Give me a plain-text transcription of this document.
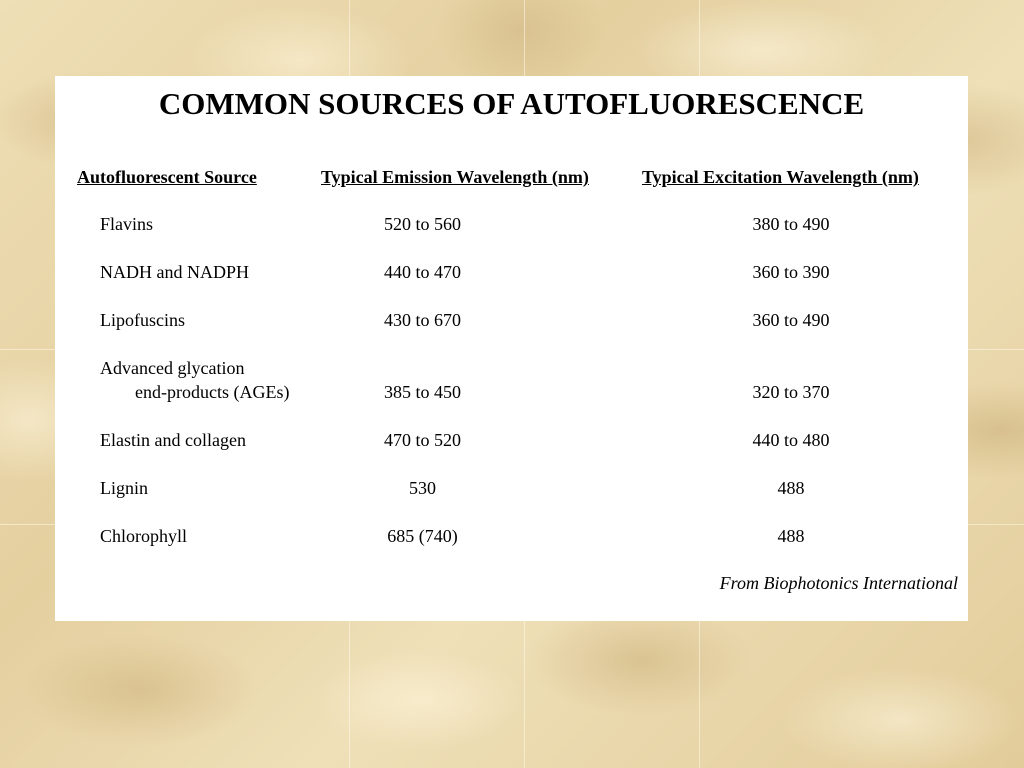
COMMON SOURCES OF AUTOFLUORESCENCE
Autofluorescent Source	Typical Emission Wavelength (nm)	Typical Excitation Wavelength (nm)
Flavins	520 to 560	380 to 490
NADH and NADPH	440 to 470	360 to 390
Lipofuscins	430 to 670	360 to 490
Advanced glycation
end-products (AGEs)	385 to 450	320 to 370
Elastin and collagen	470 to 520	440 to 480
Lignin	530	488
Chlorophyll	685 (740)	488
From Biophotonics International
